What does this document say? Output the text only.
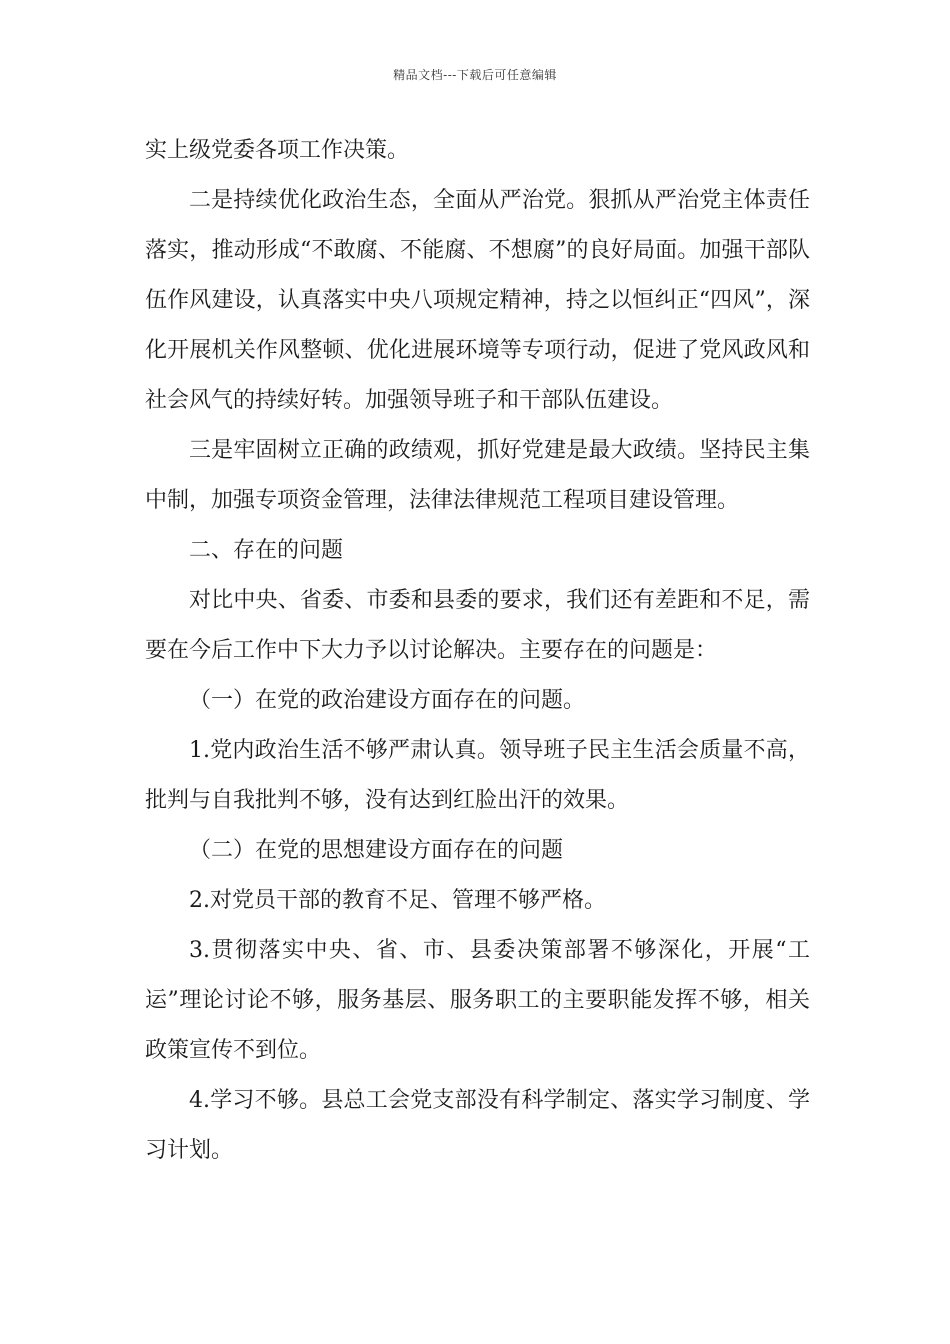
精品文档---下载后可任意编辑

实上级党委各项工作决策。

二是持续优化政治生态，全面从严治党。狠抓从严治党主体责任落实，推动形成“不敢腐、不能腐、不想腐”的良好局面。加强干部队伍作风建设，认真落实中央八项规定精神，持之以恒纠正“四风”，深化开展机关作风整顿、优化进展环境等专项行动，促进了党风政风和社会风气的持续好转。加强领导班子和干部队伍建设。

三是牢固树立正确的政绩观，抓好党建是最大政绩。坚持民主集中制，加强专项资金管理，法律法律规范工程项目建设管理。

二、存在的问题

对比中央、省委、市委和县委的要求，我们还有差距和不足，需要在今后工作中下大力予以讨论解决。主要存在的问题是：

（一）在党的政治建设方面存在的问题。

1.党内政治生活不够严肃认真。领导班子民主生活会质量不高，批判与自我批判不够，没有达到红脸出汗的效果。

（二）在党的思想建设方面存在的问题

2.对党员干部的教育不足、管理不够严格。

3.贯彻落实中央、省、市、县委决策部署不够深化，开展“工运”理论讨论不够，服务基层、服务职工的主要职能发挥不够，相关政策宣传不到位。

4.学习不够。县总工会党支部没有科学制定、落实学习制度、学习计划。
